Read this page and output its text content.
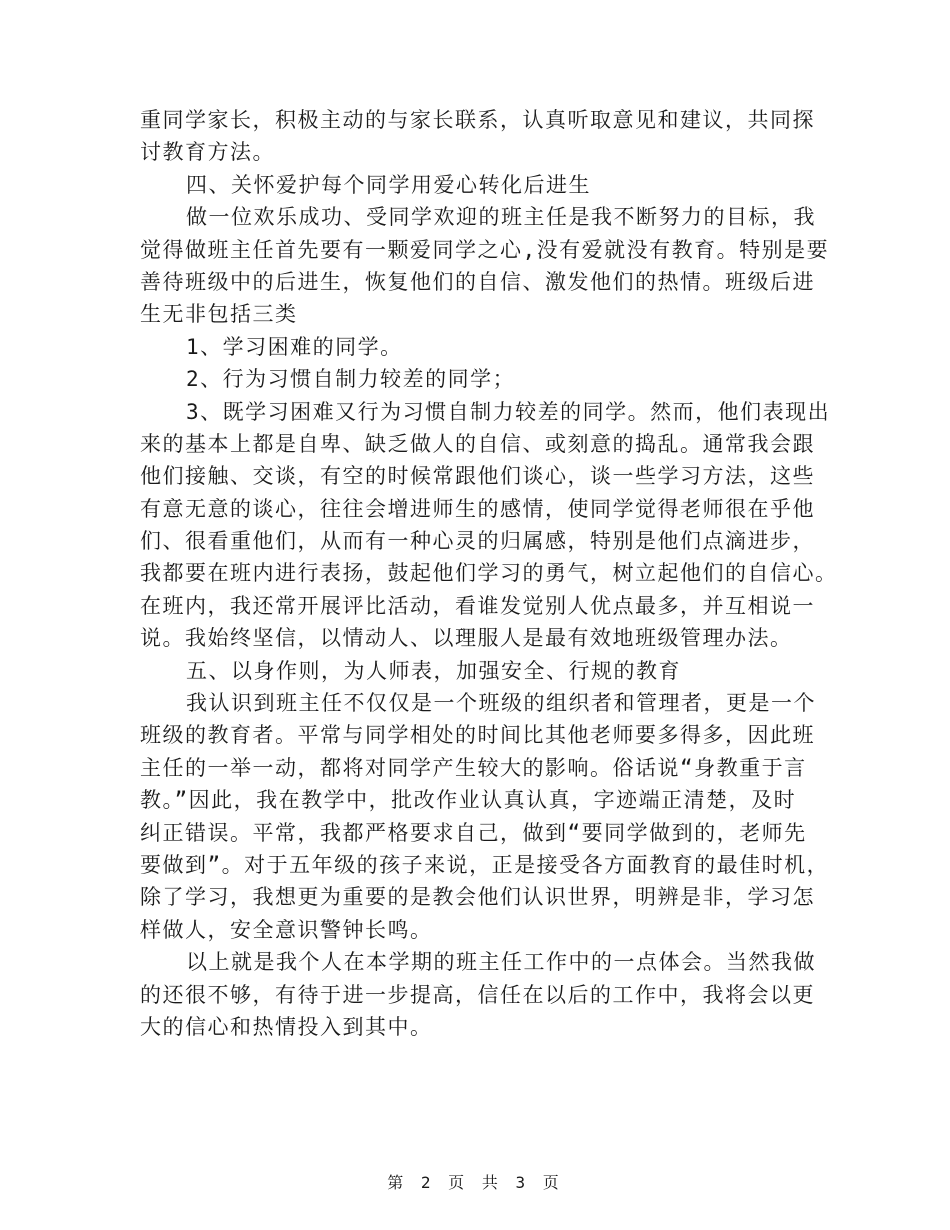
重同学家长，积极主动的与家长联系，认真听取意见和建议，共同探
讨教育方法。
四、关怀爱护每个同学用爱心转化后进生
做一位欢乐成功、受同学欢迎的班主任是我不断努力的目标，我
觉得做班主任首先要有一颗爱同学之心,没有爱就没有教育。特别是要
善待班级中的后进生，恢复他们的自信、激发他们的热情。班级后进
生无非包括三类
1、学习困难的同学。
2、行为习惯自制力较差的同学；
3、既学习困难又行为习惯自制力较差的同学。然而，他们表现出
来的基本上都是自卑、缺乏做人的自信、或刻意的捣乱。通常我会跟
他们接触、交谈，有空的时候常跟他们谈心，谈一些学习方法，这些
有意无意的谈心，往往会增进师生的感情，使同学觉得老师很在乎他
们、很看重他们，从而有一种心灵的归属感，特别是他们点滴进步，
我都要在班内进行表扬，鼓起他们学习的勇气，树立起他们的自信心。
在班内，我还常开展评比活动，看谁发觉别人优点最多，并互相说一
说。我始终坚信，以情动人、以理服人是最有效地班级管理办法。
五、以身作则，为人师表，加强安全、行规的教育
我认识到班主任不仅仅是一个班级的组织者和管理者，更是一个
班级的教育者。平常与同学相处的时间比其他老师要多得多，因此班
主任的一举一动，都将对同学产生较大的影响。俗话说“身教重于言
教。”因此，我在教学中，批改作业认真认真，字迹端正清楚，及时
纠正错误。平常，我都严格要求自己，做到“要同学做到的，老师先
要做到”。对于五年级的孩子来说，正是接受各方面教育的最佳时机，
除了学习，我想更为重要的是教会他们认识世界，明辨是非，学习怎
样做人，安全意识警钟长鸣。
以上就是我个人在本学期的班主任工作中的一点体会。当然我做
的还很不够，有待于进一步提高，信任在以后的工作中，我将会以更
大的信心和热情投入到其中。
第 2 页 共 3 页
